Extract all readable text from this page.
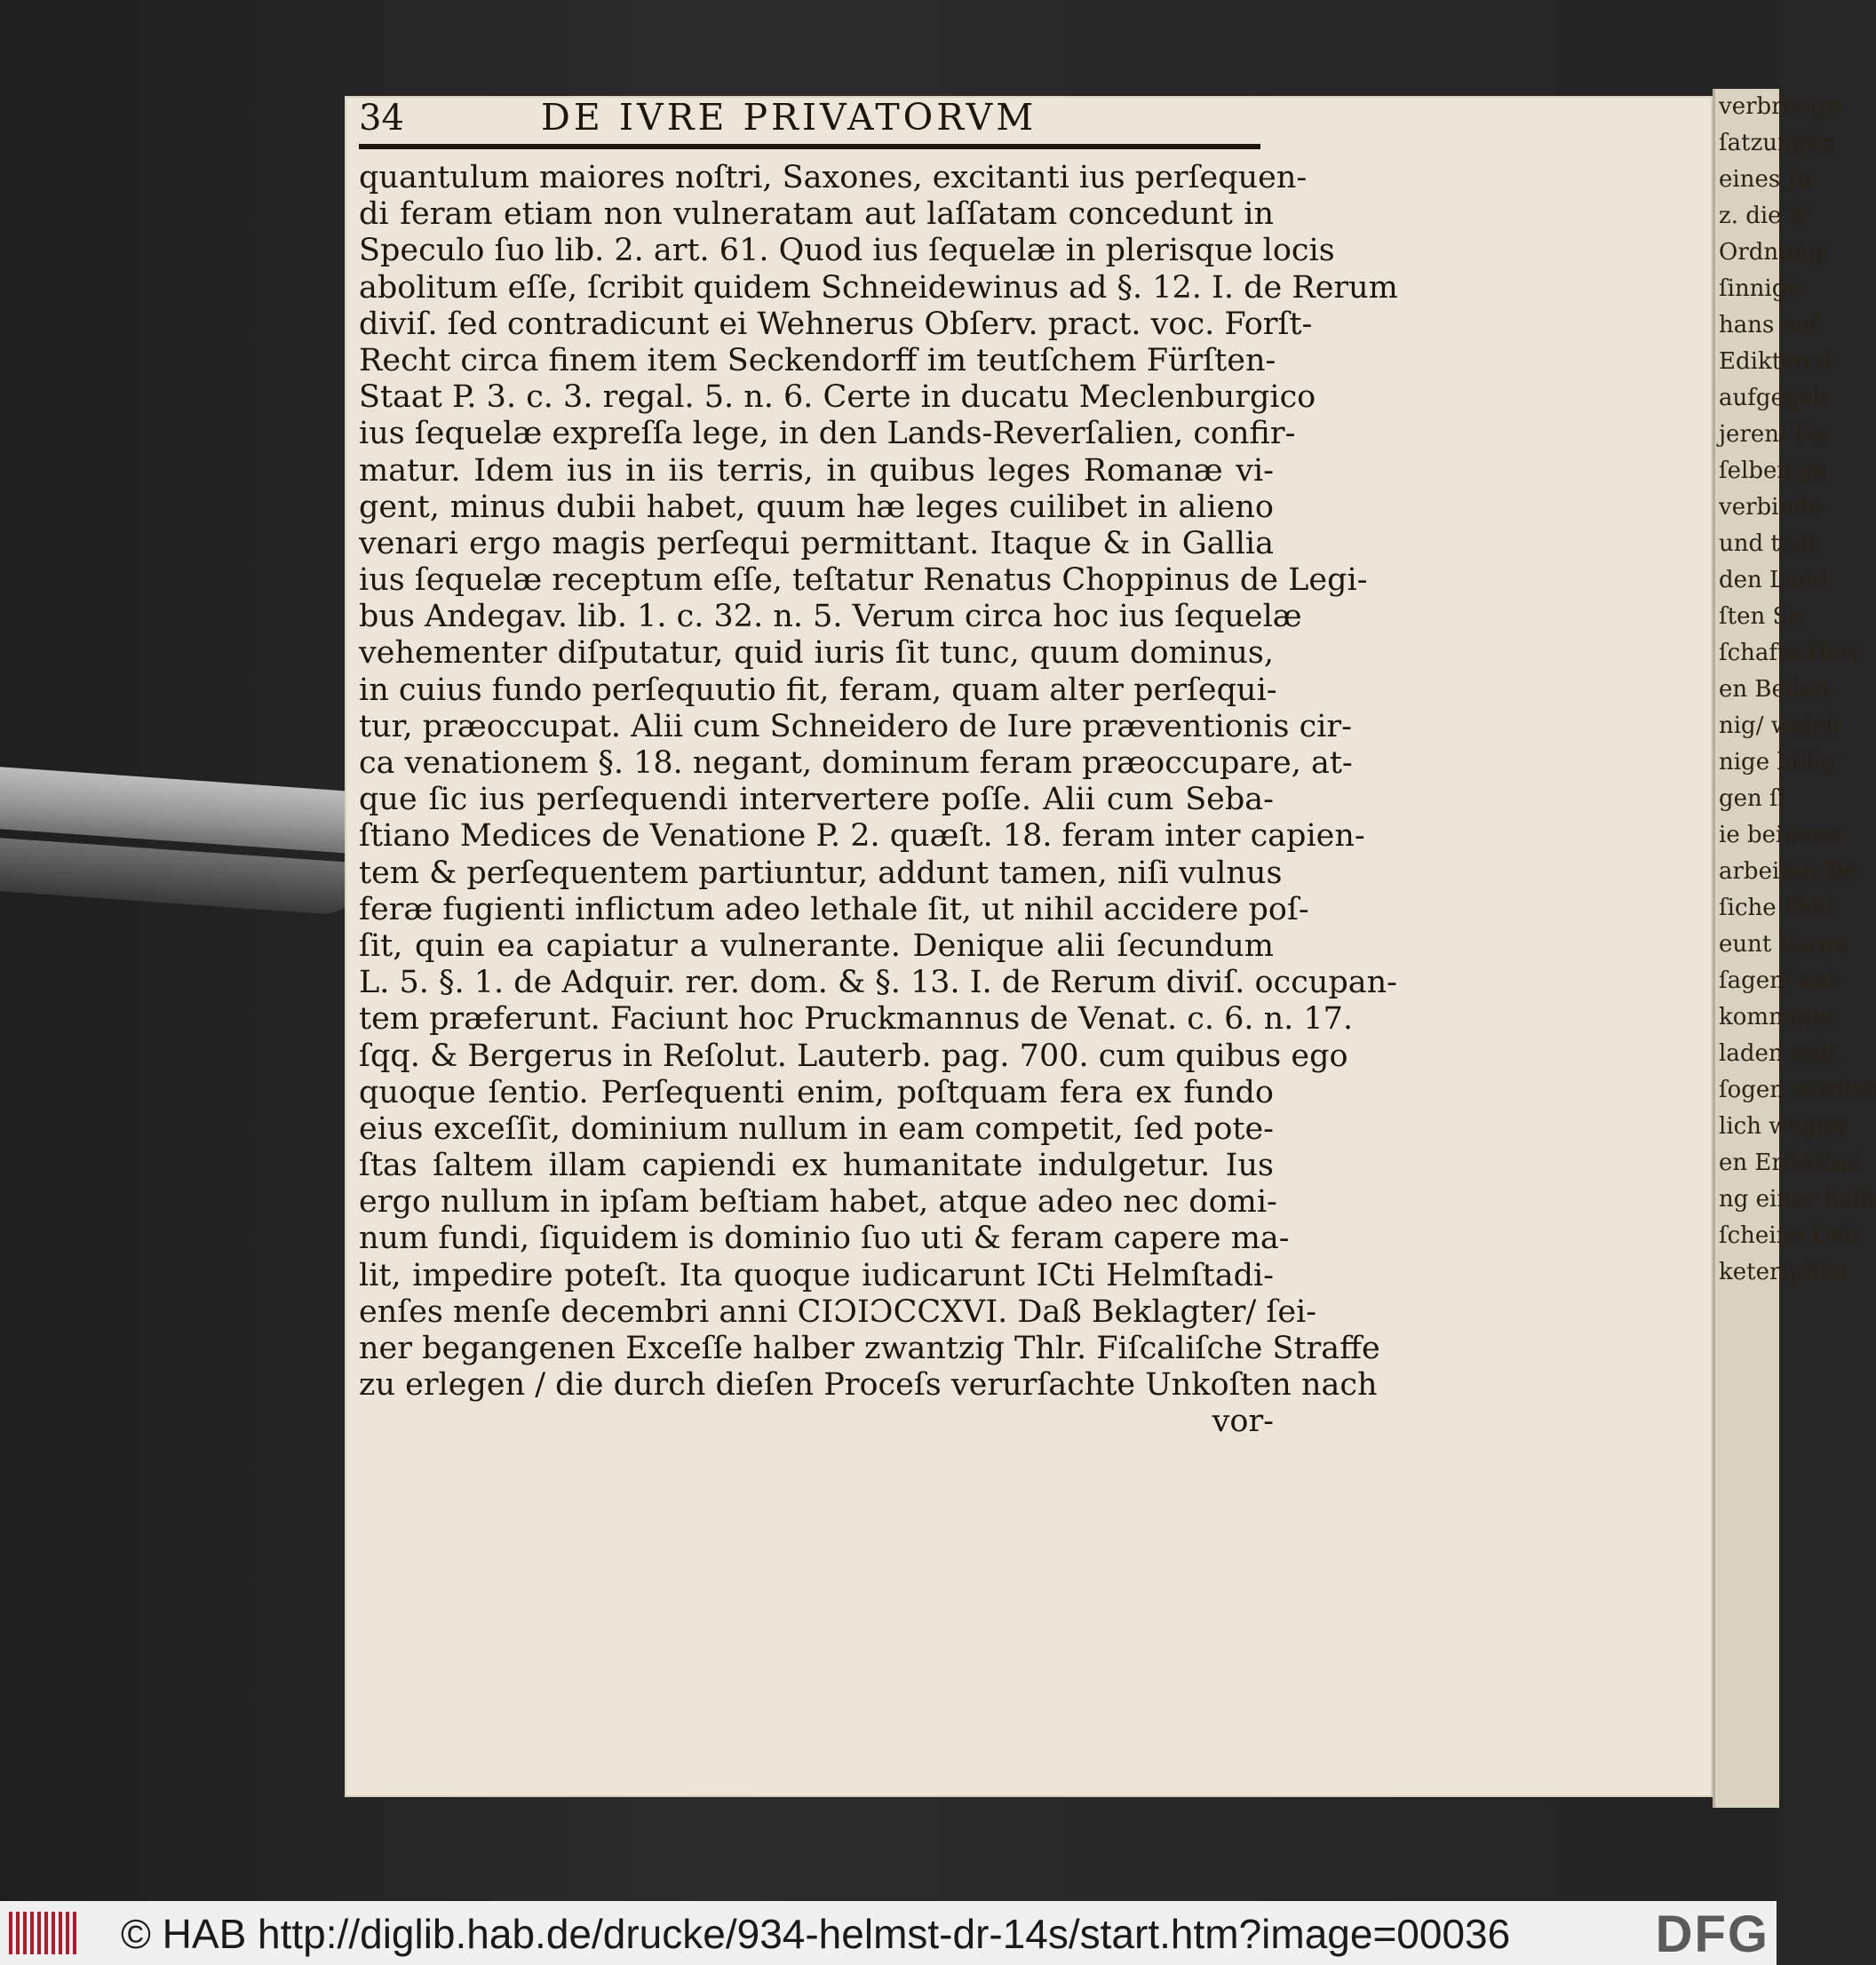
verbrenge
ſatzungen
eines Ju
z. die fr
Ordnung
ſinnige
hans enſ
Edikten d
aufgegeb
jeren/ De
ſelben ge
verbinde
und todt
den Land
ſten Sc
ſchafts-Herr
en Beden
nig/ welch
nige billig
gen ſi
ie beinnen
arbeiten De
ſiche Feld
eunt hinwe
ſagen/ ent
kommgen
laden todt
ſogen worder
lich wegen
en Erſtattun
ng einer halb
ſcheine Deb
keterſpiſen
34	DE IVRE PRIVATORVM
quantulum maiores noſtri, Saxones, excitanti ius perſequen-
di feram etiam non vulneratam aut laſſatam concedunt in
Speculo ſuo lib. 2. art. 61. Quod ius ſequelæ in plerisque locis
abolitum eſſe, ſcribit quidem Schneidewinus ad §. 12. I. de Rerum
diviſ. ſed contradicunt ei Wehnerus Obſerv. pract. voc. Forſt-
Recht circa finem item Seckendorff im teutſchem Fürſten-
Staat P. 3. c. 3. regal. 5. n. 6. Certe in ducatu Meclenburgico
ius ſequelæ expreſſa lege, in den Lands-Reverſalien, confir-
matur. Idem ius in iis terris, in quibus leges Romanæ vi-
gent, minus dubii habet, quum hæ leges cuilibet in alieno
venari ergo magis perſequi permittant. Itaque & in Gallia
ius ſequelæ receptum eſſe, teſtatur Renatus Choppinus de Legi-
bus Andegav. lib. 1. c. 32. n. 5. Verum circa hoc ius ſequelæ
vehementer diſputatur, quid iuris ſit tunc, quum dominus,
in cuius fundo perſequutio fit, feram, quam alter perſequi-
tur, præoccupat. Alii cum Schneidero de Iure præventionis cir-
ca venationem §. 18. negant, dominum feram præoccupare, at-
que ſic ius perſequendi intervertere poſſe. Alii cum Seba-
ſtiano Medices de Venatione P. 2. quæſt. 18. feram inter capien-
tem & perſequentem partiuntur, addunt tamen, niſi vulnus
feræ fugienti inflictum adeo lethale ſit, ut nihil accidere poſ-
ſit, quin ea capiatur a vulnerante. Denique alii ſecundum
L. 5. §. 1. de Adquir. rer. dom. & §. 13. I. de Rerum diviſ. occupan-
tem præferunt. Faciunt hoc Pruckmannus de Venat. c. 6. n. 17.
ſqq. & Bergerus in Reſolut. Lauterb. pag. 700. cum quibus ego
quoque ſentio. Perſequenti enim, poſtquam fera ex fundo
eius exceſſit, dominium nullum in eam competit, ſed pote-
ſtas ſaltem illam capiendi ex humanitate indulgetur. Ius
ergo nullum in ipſam beſtiam habet, atque adeo nec domi-
num fundi, ſiquidem is dominio ſuo uti & feram capere ma-
lit, impedire poteſt. Ita quoque iudicarunt ICti Helmſtadi-
enſes menſe decembri anni CIƆIƆCCXVI. Daß Beklagter/ ſei-
ner begangenen Exceſſe halber zwantzig Thlr. Fiſcaliſche Straffe
zu erlegen / die durch dieſen Proceſs verurſachte Unkoſten nach
vor-
© HAB http://diglib.hab.de/drucke/934-helmst-dr-14s/start.htm?image=00036	DFG
